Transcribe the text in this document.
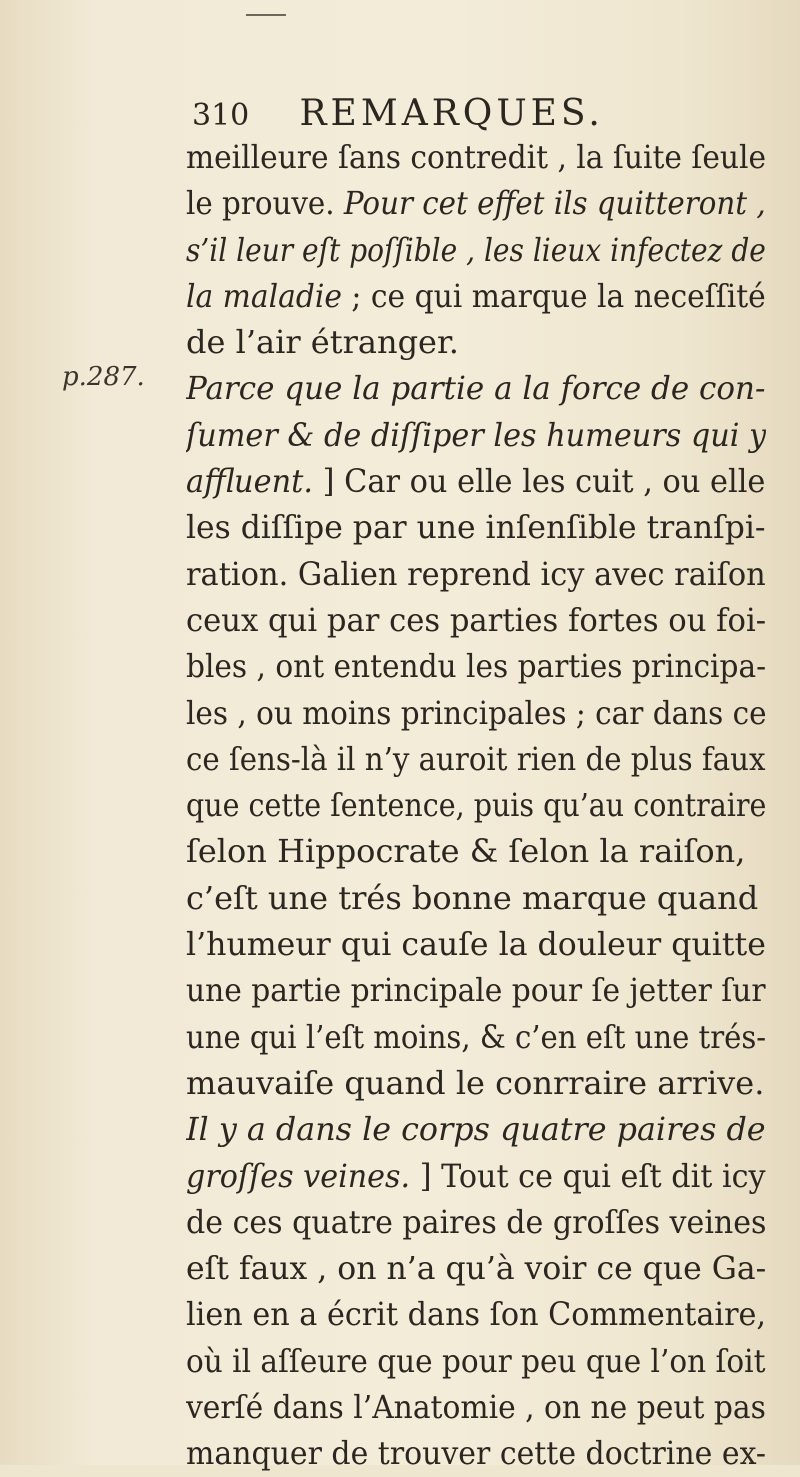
310 REMARQUES.
p.287.
meilleure ſans contredit , la ſuite ſeule
le prouve. Pour cet effet ils quitteront ,
s’il leur eſt poſſible , les lieux infectez de
la maladie ; ce qui marque la neceſſité
de l’air étranger.
Parce que la partie a la force de con-
ſumer & de diſſiper les humeurs qui y
affluent. ] Car ou elle les cuit , ou elle
les diſſipe par une inſenſible tranſpi-
ration. Galien reprend icy avec raiſon
ceux qui par ces parties fortes ou foi-
bles , ont entendu les parties principa-
les , ou moins principales ; car dans ce
ce ſens-là il n’y auroit rien de plus faux
que cette ſentence, puis qu’au contraire
ſelon Hippocrate & ſelon la raiſon,
c’eſt une trés bonne marque quand
l’humeur qui cauſe la douleur quitte
une partie principale pour ſe jetter ſur
une qui l’eſt moins, & c’en eſt une trés-
mauvaiſe quand le conrraire arrive.
Il y a dans le corps quatre paires de
groſſes veines. ] Tout ce qui eſt dit icy
de ces quatre paires de groſſes veines
eſt faux , on n’a qu’à voir ce que Ga-
lien en a écrit dans ſon Commentaire,
où il aſſeure que pour peu que l’on ſoit
verſé dans l’Anatomie , on ne peut pas
manquer de trouver cette doctrine ex-
